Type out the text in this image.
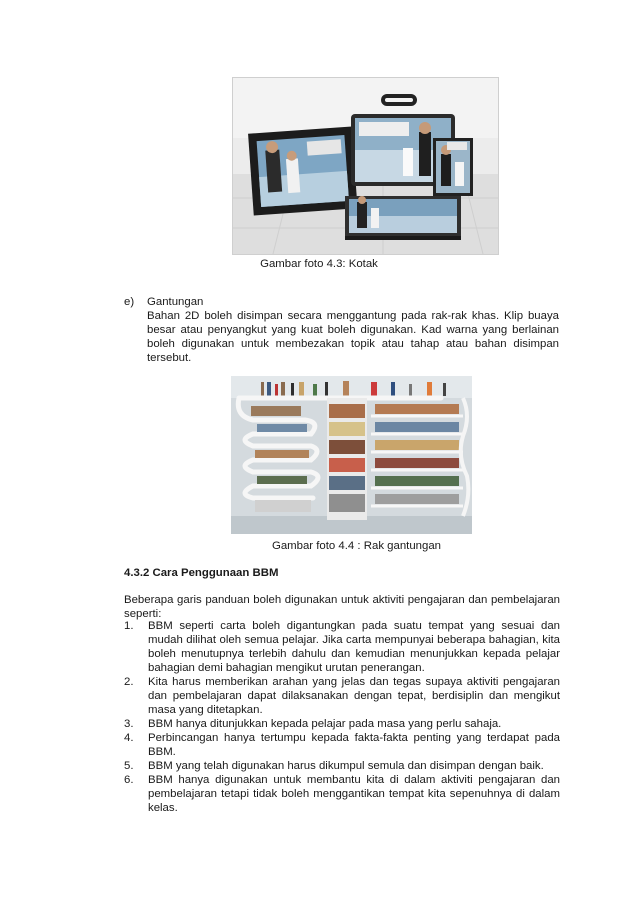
Gambar foto 4.3: Kotak
e) Gantungan
Bahan 2D boleh disimpan secara menggantung pada rak-rak khas. Klip buaya besar atau penyangkut yang kuat boleh digunakan. Kad warna yang berlainan boleh digunakan untuk membezakan topik atau tahap atau bahan disimpan tersebut.
Gambar foto 4.4 : Rak gantungan
4.3.2 Cara Penggunaan BBM
Beberapa garis panduan boleh digunakan untuk aktiviti pengajaran dan pembelajaran seperti:
1. BBM seperti carta boleh digantungkan pada suatu tempat yang sesuai dan mudah dilihat oleh semua pelajar. Jika carta mempunyai beberapa bahagian, kita boleh menutupnya terlebih dahulu dan kemudian menunjukkan kepada pelajar bahagian demi bahagian mengikut urutan penerangan.
2. Kita harus memberikan arahan yang jelas dan tegas supaya aktiviti pengajaran dan pembelajaran dapat dilaksanakan dengan tepat, berdisiplin dan mengikut masa yang ditetapkan.
3. BBM hanya ditunjukkan kepada pelajar pada masa yang perlu sahaja.
4. Perbincangan hanya tertumpu kepada fakta-fakta penting yang terdapat pada BBM.
5. BBM yang telah digunakan harus dikumpul semula dan disimpan dengan baik.
6. BBM hanya digunakan untuk membantu kita di dalam aktiviti pengajaran dan pembelajaran tetapi tidak boleh menggantikan tempat kita sepenuhnya di dalam kelas.
